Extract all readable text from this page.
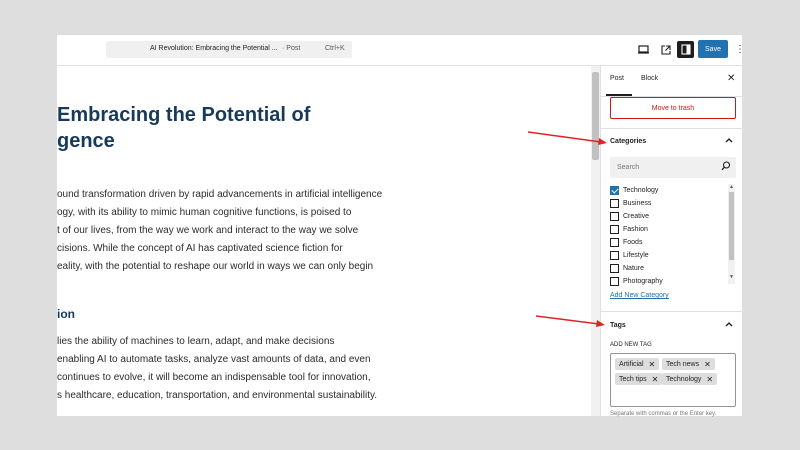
AI Revolution: Embracing the Potential ... · Post	Ctrl+K	Save	⋮
Embracing the Potential of
gence
ound transformation driven by rapid advancements in artificial intelligence
ogy, with its ability to mimic human cognitive functions, is poised to
t of our lives, from the way we work and interact to the way we solve
cisions. While the concept of AI has captivated science fiction for
eality, with the potential to reshape our world in ways we can only begin
ion
lies the ability of machines to learn, adapt, and make decisions
enabling AI to automate tasks, analyze vast amounts of data, and even
continues to evolve, it will become an indispensable tool for innovation,
s healthcare, education, transportation, and environmental sustainability.
Post Block	✕
Move to trash
Categories
Search
Technology
Business
Creative
Fashion
Foods
Lifestyle
Nature
Photography
▲
▼
Add New Category
Tags
ADD NEW TAG
Artificial ✕ Tech news ✕
Tech tips ✕ Technology ✕
Separate with commas or the Enter key.
